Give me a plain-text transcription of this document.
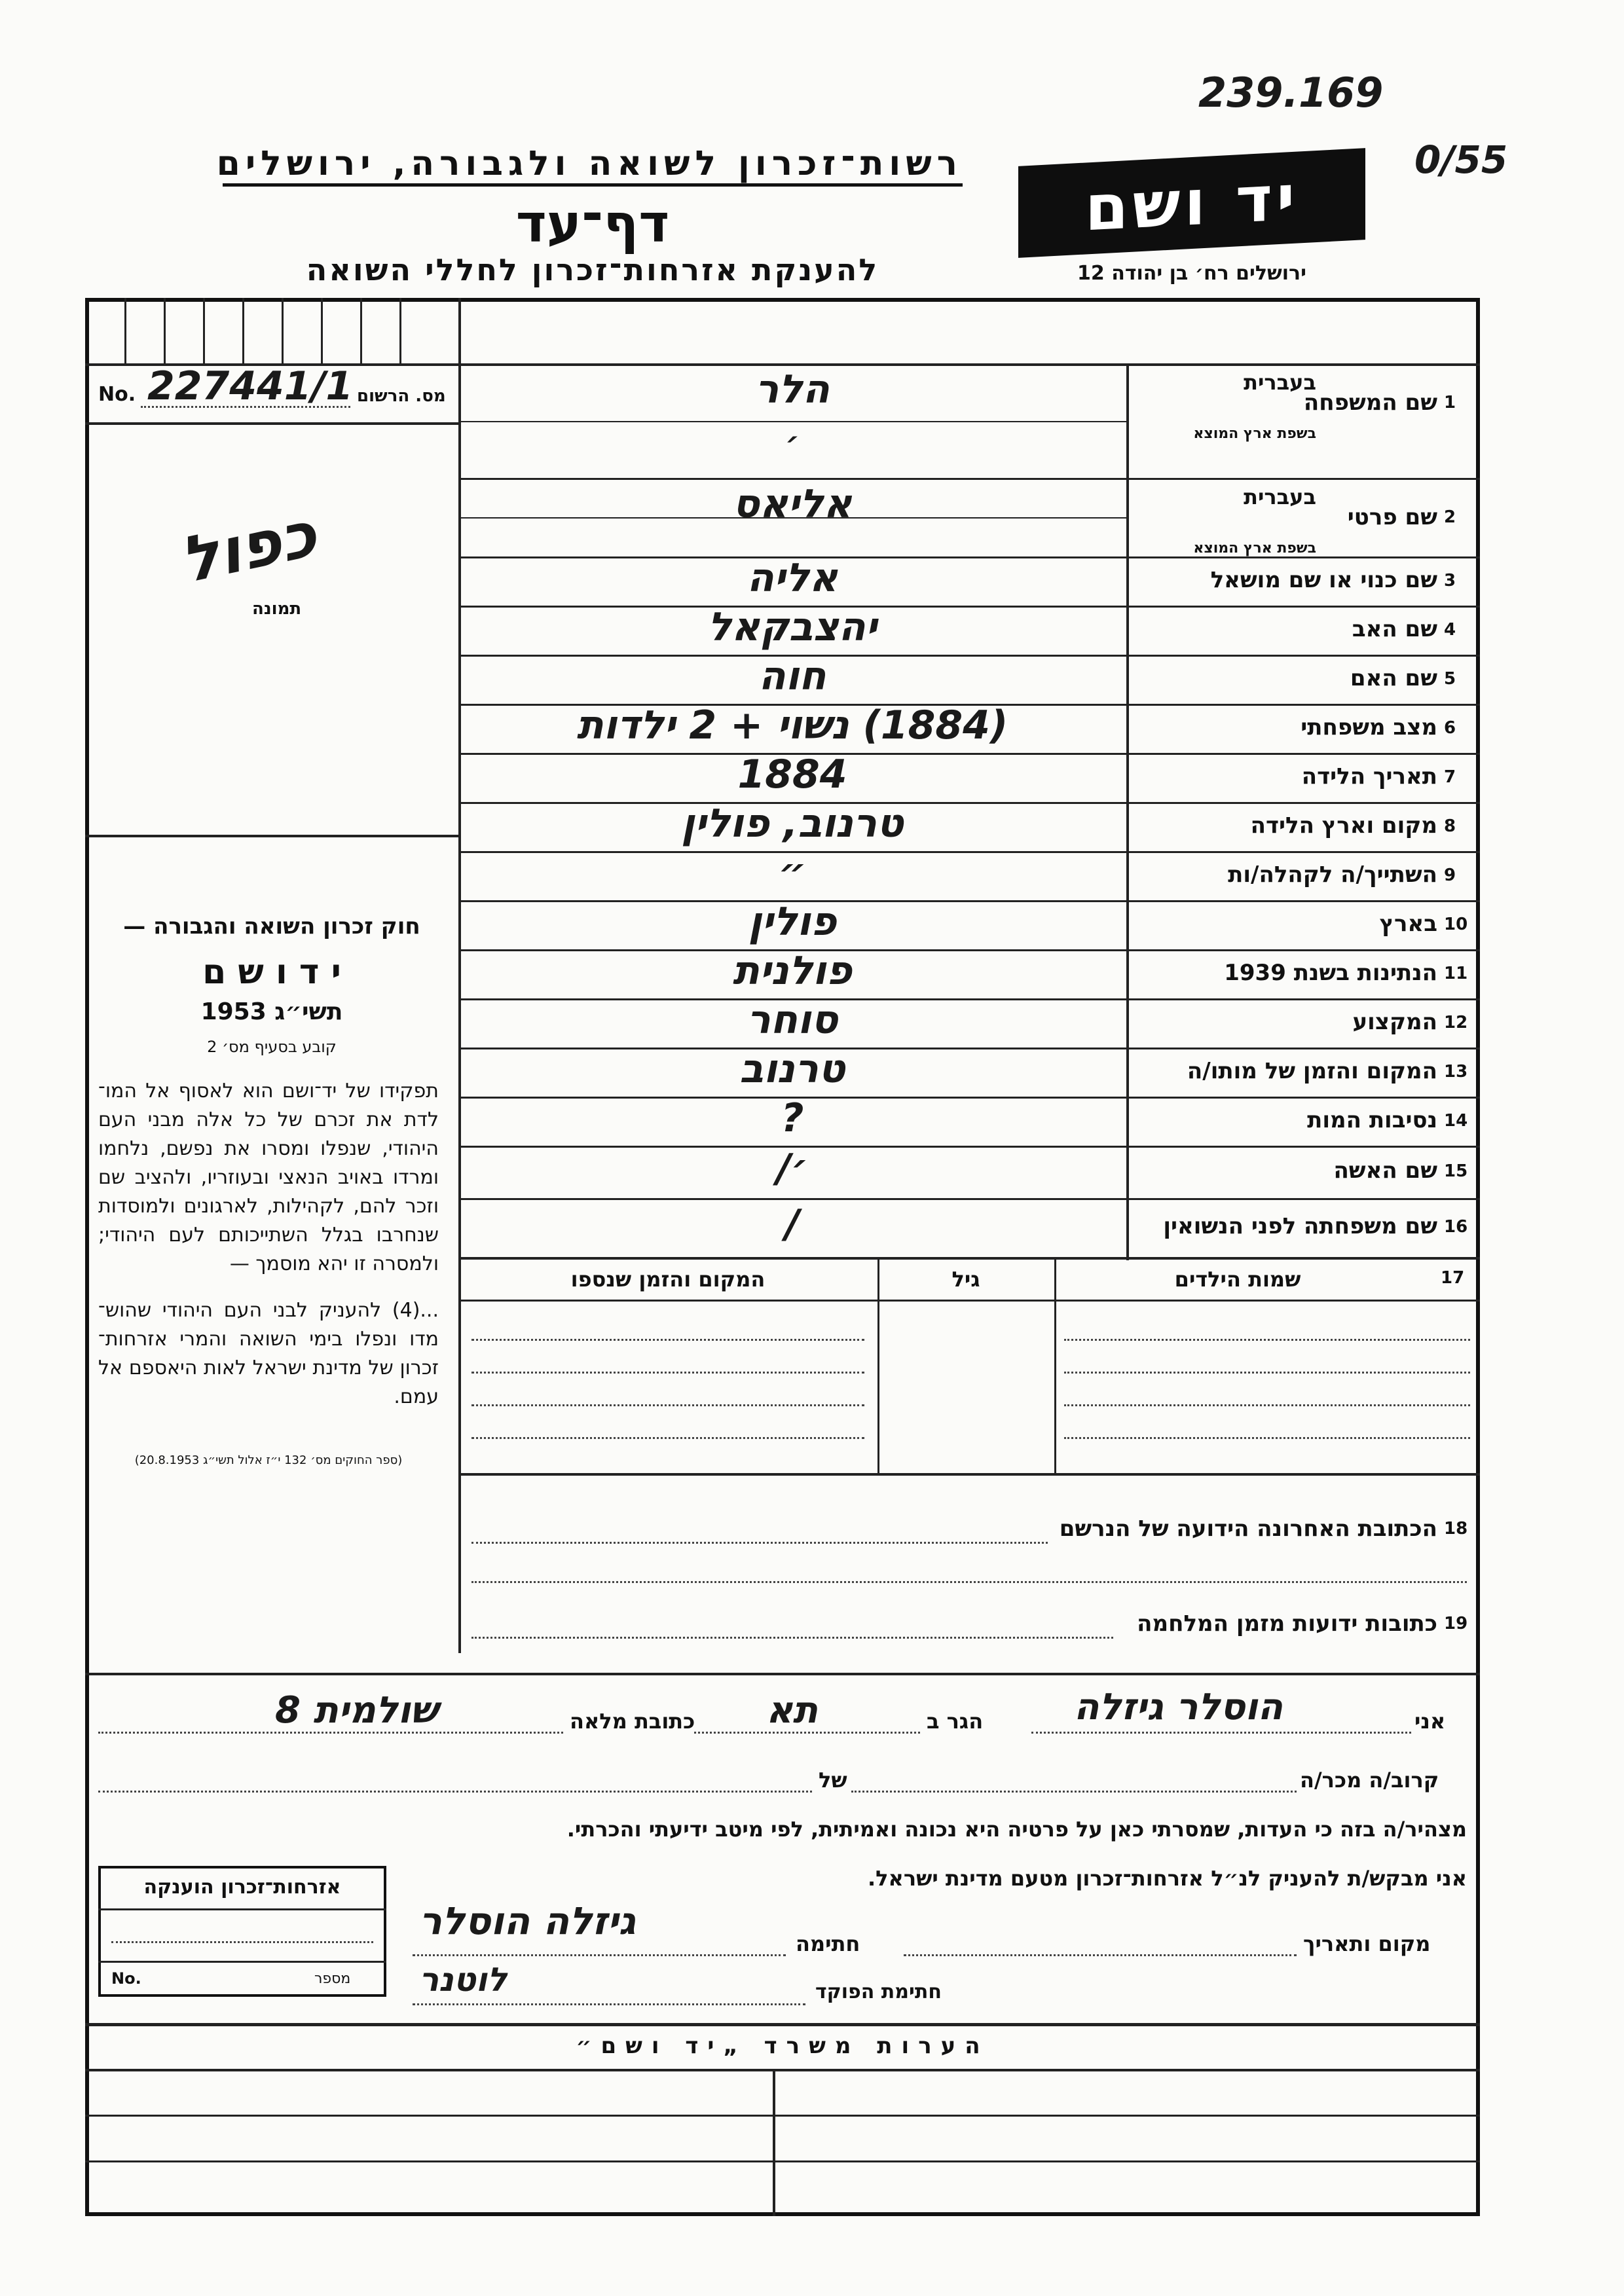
239.169
0/55
רשות־זכרון לשואה ולגבורה, ירושלים
דף־עד
להענקת אזרחות־זכרון לחללי השואה
יד ושם
ירושלים רח׳ בן יהודה 12
No. 227441/1 מס. הרשום
כפול
תמונה
חוק זכרון השואה והגבורה —
י ד ו ש ם
תשי״ג 1953
קובע בסעיף מס׳ 2
תפקידו של יד־ושם הוא לאסוף אל המו־ לדת את זכרם של כל אלה מבני העם היהודי, שנפלו ומסרו את נפשם, נלחמו ומרדו באויב הנאצי ובעוזריו, ולהציב שם וזכר להם, לקהילות, לארגונים ולמוסדות שנחרבו בגלל השתייכותם לעם היהודי; ולמסרה זו יהא מוסמך —
...(4) להעניק לבני העם היהודי שהוש־ מדו ונפלו בימי השואה והמרי אזרחות־ זכרון של מדינת ישראל לאות היאספם אל עמם.
(ספר החוקים מס׳ 132 י״ז אלול תשי״ג 20.8.1953)
1
שם המשפחה
בעברית
בשפת ארץ המוצא
הלר
׳
2
שם פרטי
בעברית
בשפת ארץ המוצא
אליאס
3
שם כנוי או שם מושאל
אליה
4
שם האב
יהצבקאל
5
שם האם
חוה
6
מצב משפחתי
(1884) נשוי + 2 ילדות
7
תאריך הלידה
1884
8
מקום וארץ הלידה
טרנוב, פולין
9
השתייך/ה לקהלה/ות
״
10
בארץ
פולין
11
הנתינות בשנת 1939
פולנית
12
המקצוע
סוחר
13
המקום והזמן של מותו/ה
טרנוב
14
נסיבות המות
?
15
שם האשה
׳/
16
שם משפחתה לפני הנשואין
/
17
שמות הילדים
גיל
המקום והזמן שנספו
18
הכתובת האחרונה הידועה של הנרשם
19
כתובות ידועות מזמן המלחמה
אני
הוסלר גיזלה
הגר ב
תא
כתובת מלאה
שולמית 8
קרוב/ה מכר/ה
של
מצהיר/ה בזה כי העדות, שמסרתי כאן על פרטיה היא נכונה ואמיתית, לפי מיטב ידיעתי והכרתי.
אני מבקש/ת להעניק לנ״ל אזרחות־זכרון מטעם מדינת ישראל.
אזרחות־זכרון הוענקה
No.	מספר
מקום ותאריך
חתימה
גיזלה הוסלר
חתימת הפוקד
לוטנר
הערות משרד „יד ושם״
